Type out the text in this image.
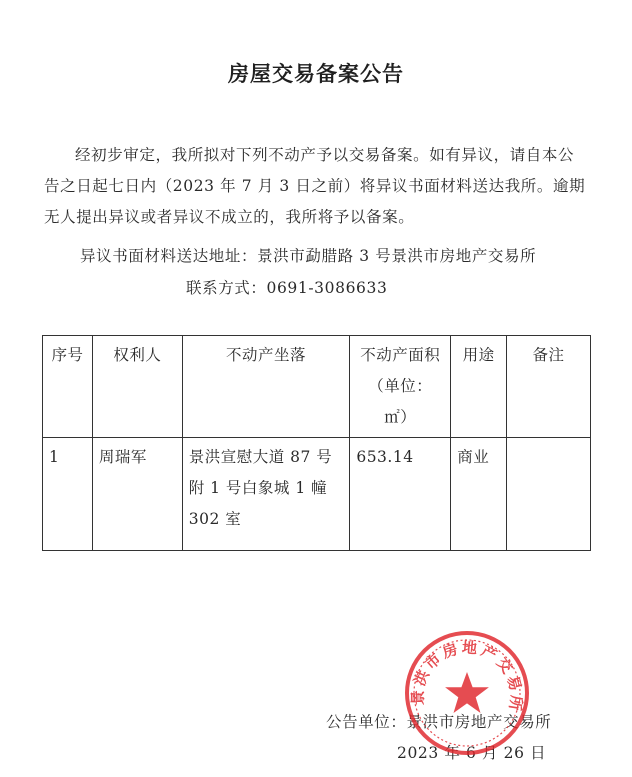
房屋交易备案公告
经初步审定，我所拟对下列不动产予以交易备案。如有异议，请自本公告之日起七日内（2023 年 7 月 3 日之前）将异议书面材料送达我所。逾期无人提出异议或者异议不成立的，我所将予以备案。
异议书面材料送达地址：景洪市勐腊路 3 号景洪市房地产交易所
联系方式：0691-3086633
序号	权利人	不动产坐落	不动产面积（单位：㎡）	用途	备注
1	周瑞军	景洪宣慰大道 87 号附 1 号白象城 1 幢 302 室	653.14	商业	
公告单位：景洪市房地产交易所
2023 年 6 月 26 日
景洪市房地产交易所
